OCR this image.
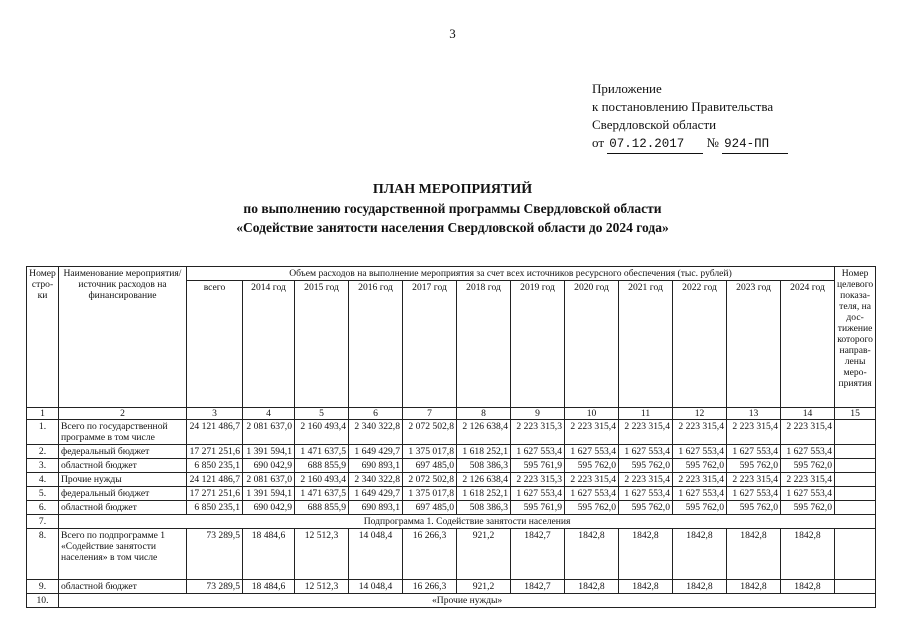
3
Приложение
к постановлению Правительства
Свердловской области
от 07.12.2017 № 924-ПП
ПЛАН МЕРОПРИЯТИЙ
по выполнению государственной программы Свердловской области
«Содействие занятости населения Свердловской области до 2024 года»
Номер стро- ки	Наименование мероприятия/ источник расходов на финансирование	Объем расходов на выполнение мероприятия за счет всех источников ресурсного обеспечения (тыс. рублей)												Номер целевого показа- теля, на дос- тижение которого направ- лены меро- приятия
		всего	2014 год	2015 год	2016 год	2017 год	2018 год	2019 год	2020 год	2021 год	2022 год	2023 год	2024 год	
1	2	3	4	5	6	7	8	9	10	11	12	13	14	15
1.	Всего по государственной программе в том числе	24 121 486,7	2 081 637,0	2 160 493,4	2 340 322,8	2 072 502,8	2 126 638,4	2 223 315,3	2 223 315,4	2 223 315,4	2 223 315,4	2 223 315,4	2 223 315,4	
2.	федеральный бюджет	17 271 251,6	1 391 594,1	1 471 637,5	1 649 429,7	1 375 017,8	1 618 252,1	1 627 553,4	1 627 553,4	1 627 553,4	1 627 553,4	1 627 553,4	1 627 553,4	
3.	областной бюджет	6 850 235,1	690 042,9	688 855,9	690 893,1	697 485,0	508 386,3	595 761,9	595 762,0	595 762,0	595 762,0	595 762,0	595 762,0	
4.	Прочие нужды	24 121 486,7	2 081 637,0	2 160 493,4	2 340 322,8	2 072 502,8	2 126 638,4	2 223 315,3	2 223 315,4	2 223 315,4	2 223 315,4	2 223 315,4	2 223 315,4	
5.	федеральный бюджет	17 271 251,6	1 391 594,1	1 471 637,5	1 649 429,7	1 375 017,8	1 618 252,1	1 627 553,4	1 627 553,4	1 627 553,4	1 627 553,4	1 627 553,4	1 627 553,4	
6.	областной бюджет	6 850 235,1	690 042,9	688 855,9	690 893,1	697 485,0	508 386,3	595 761,9	595 762,0	595 762,0	595 762,0	595 762,0	595 762,0	
7.	Подпрограмма 1. Содействие занятости населения													
8.	Всего по подпрограмме 1 «Содействие занятости населения» в том числе	73 289,5	18 484,6	12 512,3	14 048,4	16 266,3	921,2	1842,7	1842,8	1842,8	1842,8	1842,8	1842,8	
9.	областной бюджет	73 289,5	18 484,6	12 512,3	14 048,4	16 266,3	921,2	1842,7	1842,8	1842,8	1842,8	1842,8	1842,8	
10.	«Прочие нужды»													
